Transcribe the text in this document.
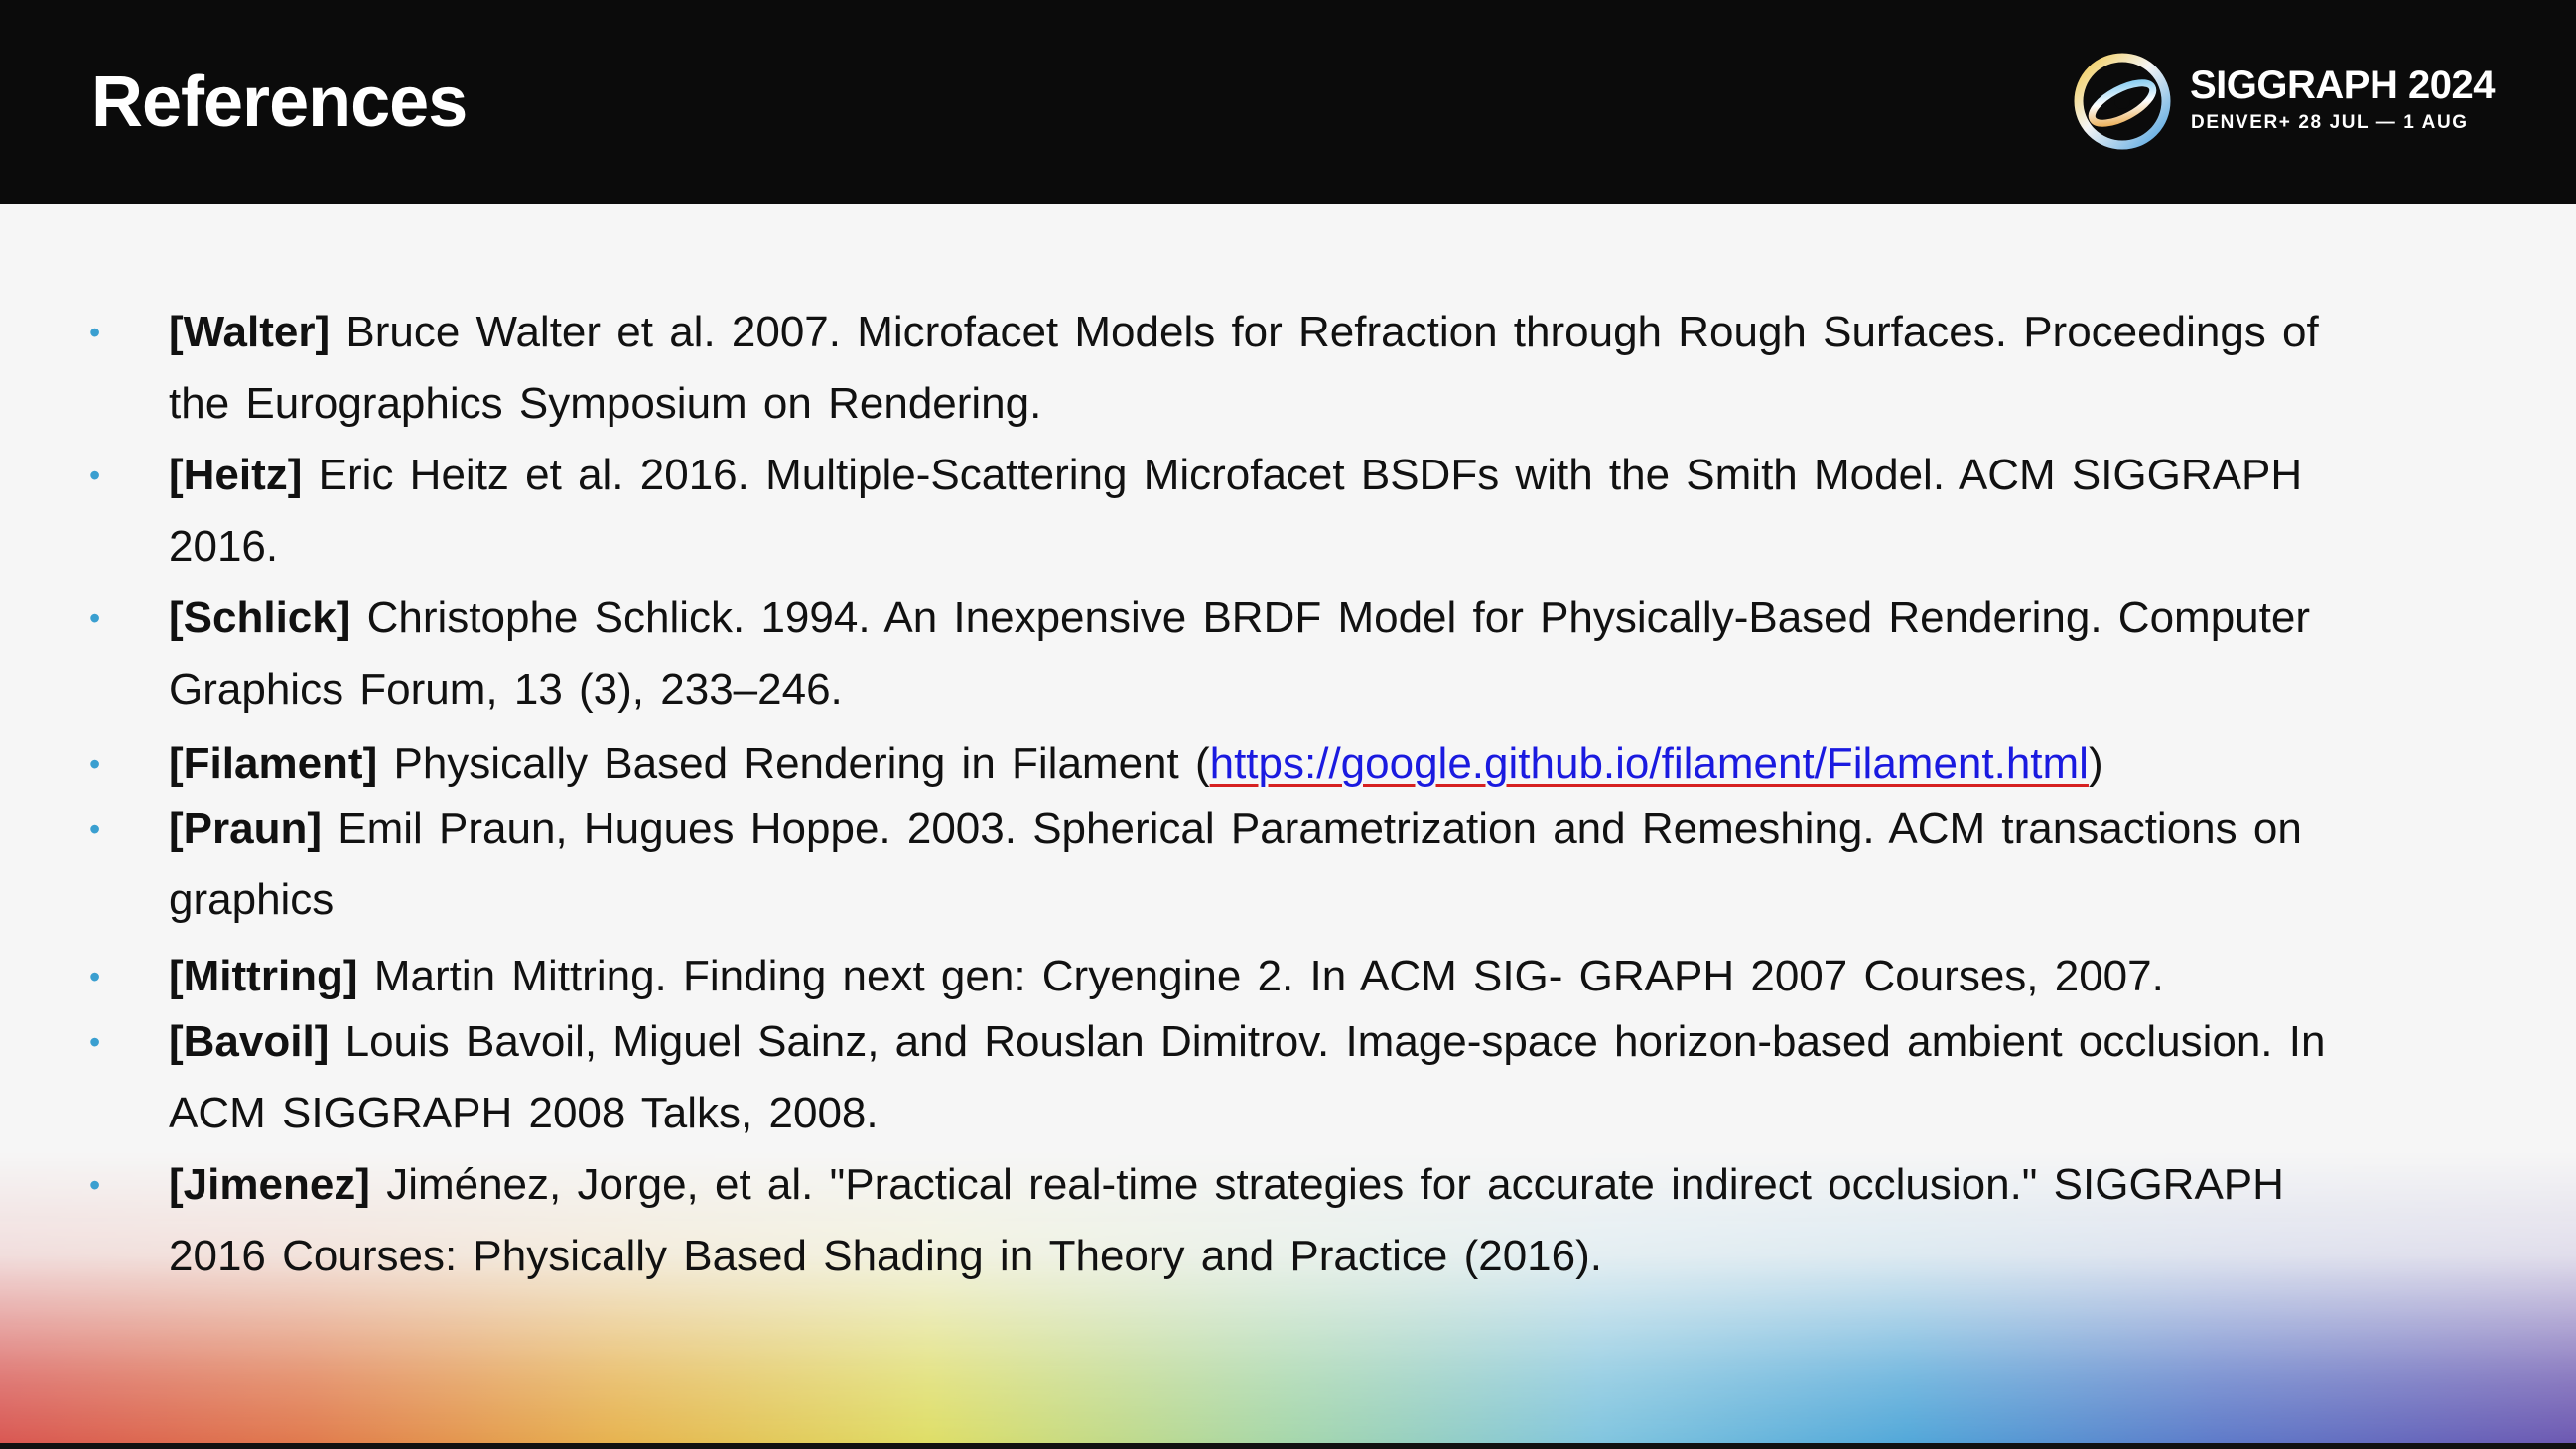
References	SIGGRAPH 2024
DENVER+ 28 JUL — 1 AUG
• [Walter] Bruce Walter et al. 2007. Microfacet Models for Refraction through Rough Surfaces. Proceedings of the Eurographics Symposium on Rendering.
• [Heitz] Eric Heitz et al. 2016. Multiple-Scattering Microfacet BSDFs with the Smith Model. ACM SIGGRAPH 2016.
• [Schlick] Christophe Schlick. 1994. An Inexpensive BRDF Model for Physically-Based Rendering. Computer Graphics Forum, 13 (3), 233–246.
• [Filament] Physically Based Rendering in Filament (https://google.github.io/filament/Filament.html)
• [Praun] Emil Praun, Hugues Hoppe. 2003. Spherical Parametrization and Remeshing. ACM transactions on graphics
• [Mittring] Martin Mittring. Finding next gen: Cryengine 2. In ACM SIG- GRAPH 2007 Courses, 2007.
• [Bavoil] Louis Bavoil, Miguel Sainz, and Rouslan Dimitrov. Image-space horizon-based ambient occlusion. In ACM SIGGRAPH 2008 Talks, 2008.
• [Jimenez] Jiménez, Jorge, et al. "Practical real-time strategies for accurate indirect occlusion." SIGGRAPH 2016 Courses: Physically Based Shading in Theory and Practice (2016).
